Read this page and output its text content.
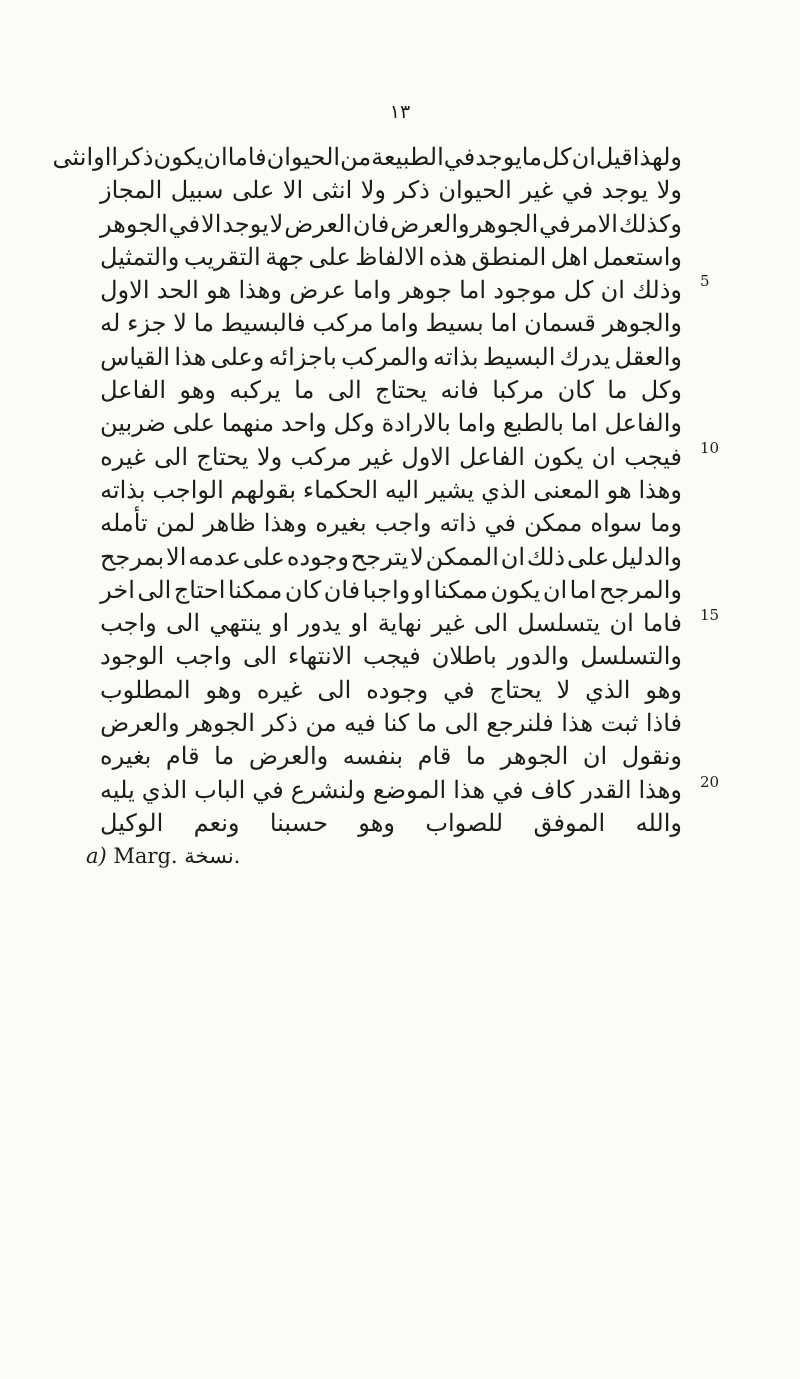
١٣
ولهذا
قيل
ان
كل
ما
يوجد
في
الطبيعة
من
الحيوان
فاما
ان
يكون
ذكرا
او
انثى
ولا
يوجد
في
غير
الحيوان
ذكر
ولا
انثى
الا
على
سبيل
المجاز
وكذلك
الامر
في
الجوهر
والعرض
فان
العرض
لا
يوجد
الا
في
الجوهر
واستعمل
اهل
المنطق
هذه
الالفاظ
على
جهة
التقريب
والتمثيل
وذلك
ان
كل
موجود
اما
جوهر
واما
عرض
وهذا
هو
الحد
الاول
والجوهر
قسمان
اما
بسيط
واما
مركب
فالبسيط
ما
لا
جزء
له
والعقل
يدرك
البسيط
بذاته
والمركب
باجزائه
وعلى
هذا
القياس
وكل
ما
كان
مركبا
فانه
يحتاج
الى
ما
يركبه
وهو
الفاعل
والفاعل
اما
بالطبع
واما
بالارادة
وكل
واحد
منهما
على
ضربين
فيجب
ان
يكون
الفاعل
الاول
غير
مركب
ولا
يحتاج
الى
غيره
وهذا
هو
المعنى
الذي
يشير
اليه
الحكماء
بقولهم
الواجب
بذاته
وما
سواه
ممكن
في
ذاته
واجب
بغيره
وهذا
ظاهر
لمن
تأمله
والدليل
على
ذلك
ان
الممكن
لا
يترجح
وجوده
على
عدمه
الا
بمرجح
والمرجح
اما
ان
يكون
ممكنا
او
واجبا
فان
كان
ممكنا
احتاج
الى
اخر
فاما
ان
يتسلسل
الى
غير
نهاية
او
يدور
او
ينتهي
الى
واجب
والتسلسل
والدور
باطلان
فيجب
الانتهاء
الى
واجب
الوجود
وهو
الذي
لا
يحتاج
في
وجوده
الى
غيره
وهو
المطلوب
فاذا
ثبت
هذا
فلنرجع
الى
ما
كنا
فيه
من
ذكر
الجوهر
والعرض
ونقول
ان
الجوهر
ما
قام
بنفسه
والعرض
ما
قام
بغيره
وهذا
القدر
كاف
في
هذا
الموضع
ولنشرع
في
الباب
الذي
يليه
والله
الموفق
للصواب
وهو
حسبنا
ونعم
الوكيل
5
10
15
20
a) Marg. نسخة.
